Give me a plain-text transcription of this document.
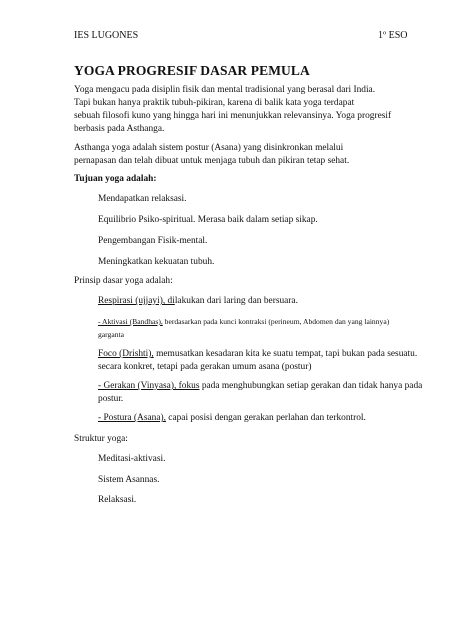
IES LUGONES	1º ESO
YOGA PROGRESIF DASAR PEMULA
Yoga mengacu pada disiplin fisik dan mental tradisional yang berasal dari India.
Tapi bukan hanya praktik tubuh-pikiran, karena di balik kata yoga terdapat
sebuah filosofi kuno yang hingga hari ini menunjukkan relevansinya. Yoga progresif
berbasis pada Asthanga.
Asthanga yoga adalah sistem postur (Asana) yang disinkronkan melalui
pernapasan dan telah dibuat untuk menjaga tubuh dan pikiran tetap sehat.
Tujuan yoga adalah:
Mendapatkan relaksasi.
Equilibrio Psiko-spiritual. Merasa baik dalam setiap sikap.
Pengembangan Fisik-mental.
Meningkatkan kekuatan tubuh.
Prinsip dasar yoga adalah:
Respirasi (ujjayi), dilakukan dari laring dan bersuara.
- Aktivasi (Bandhas), berdasarkan pada kunci kontraksi (perineum, Abdomen dan yang lainnya)
garganta
Foco (Drishti), memusatkan kesadaran kita ke suatu tempat, tapi bukan pada sesuatu.
secara konkret, tetapi pada gerakan umum asana (postur)
- Gerakan (Vinyasa), fokus pada menghubungkan setiap gerakan dan tidak hanya pada
postur.
- Postura (Asana), capai posisi dengan gerakan perlahan dan terkontrol.
Struktur yoga:
Meditasi-aktivasi.
Sistem Asannas.
Relaksasi.
